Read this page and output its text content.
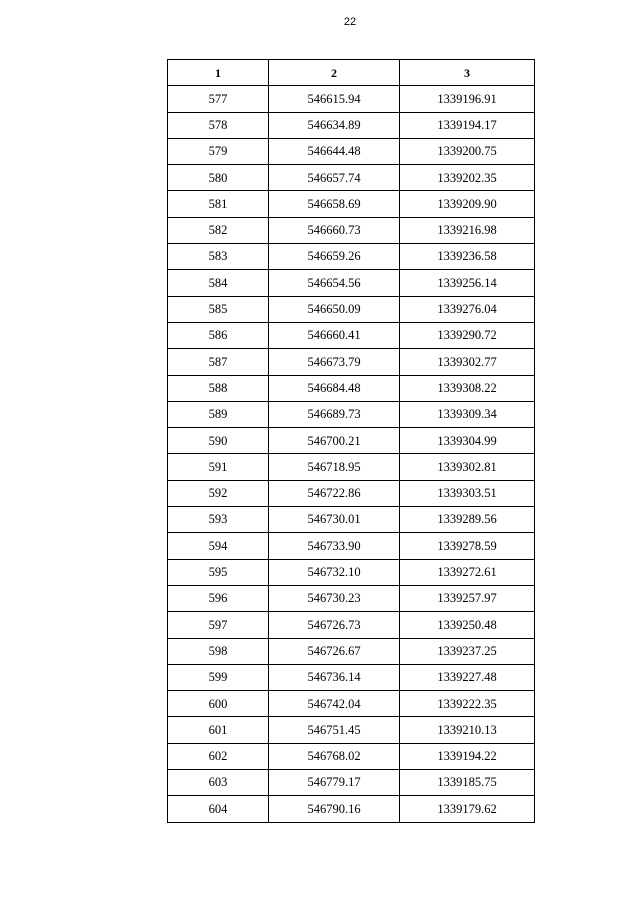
22
1	2	3
577	546615.94	1339196.91
578	546634.89	1339194.17
579	546644.48	1339200.75
580	546657.74	1339202.35
581	546658.69	1339209.90
582	546660.73	1339216.98
583	546659.26	1339236.58
584	546654.56	1339256.14
585	546650.09	1339276.04
586	546660.41	1339290.72
587	546673.79	1339302.77
588	546684.48	1339308.22
589	546689.73	1339309.34
590	546700.21	1339304.99
591	546718.95	1339302.81
592	546722.86	1339303.51
593	546730.01	1339289.56
594	546733.90	1339278.59
595	546732.10	1339272.61
596	546730.23	1339257.97
597	546726.73	1339250.48
598	546726.67	1339237.25
599	546736.14	1339227.48
600	546742.04	1339222.35
601	546751.45	1339210.13
602	546768.02	1339194.22
603	546779.17	1339185.75
604	546790.16	1339179.62
